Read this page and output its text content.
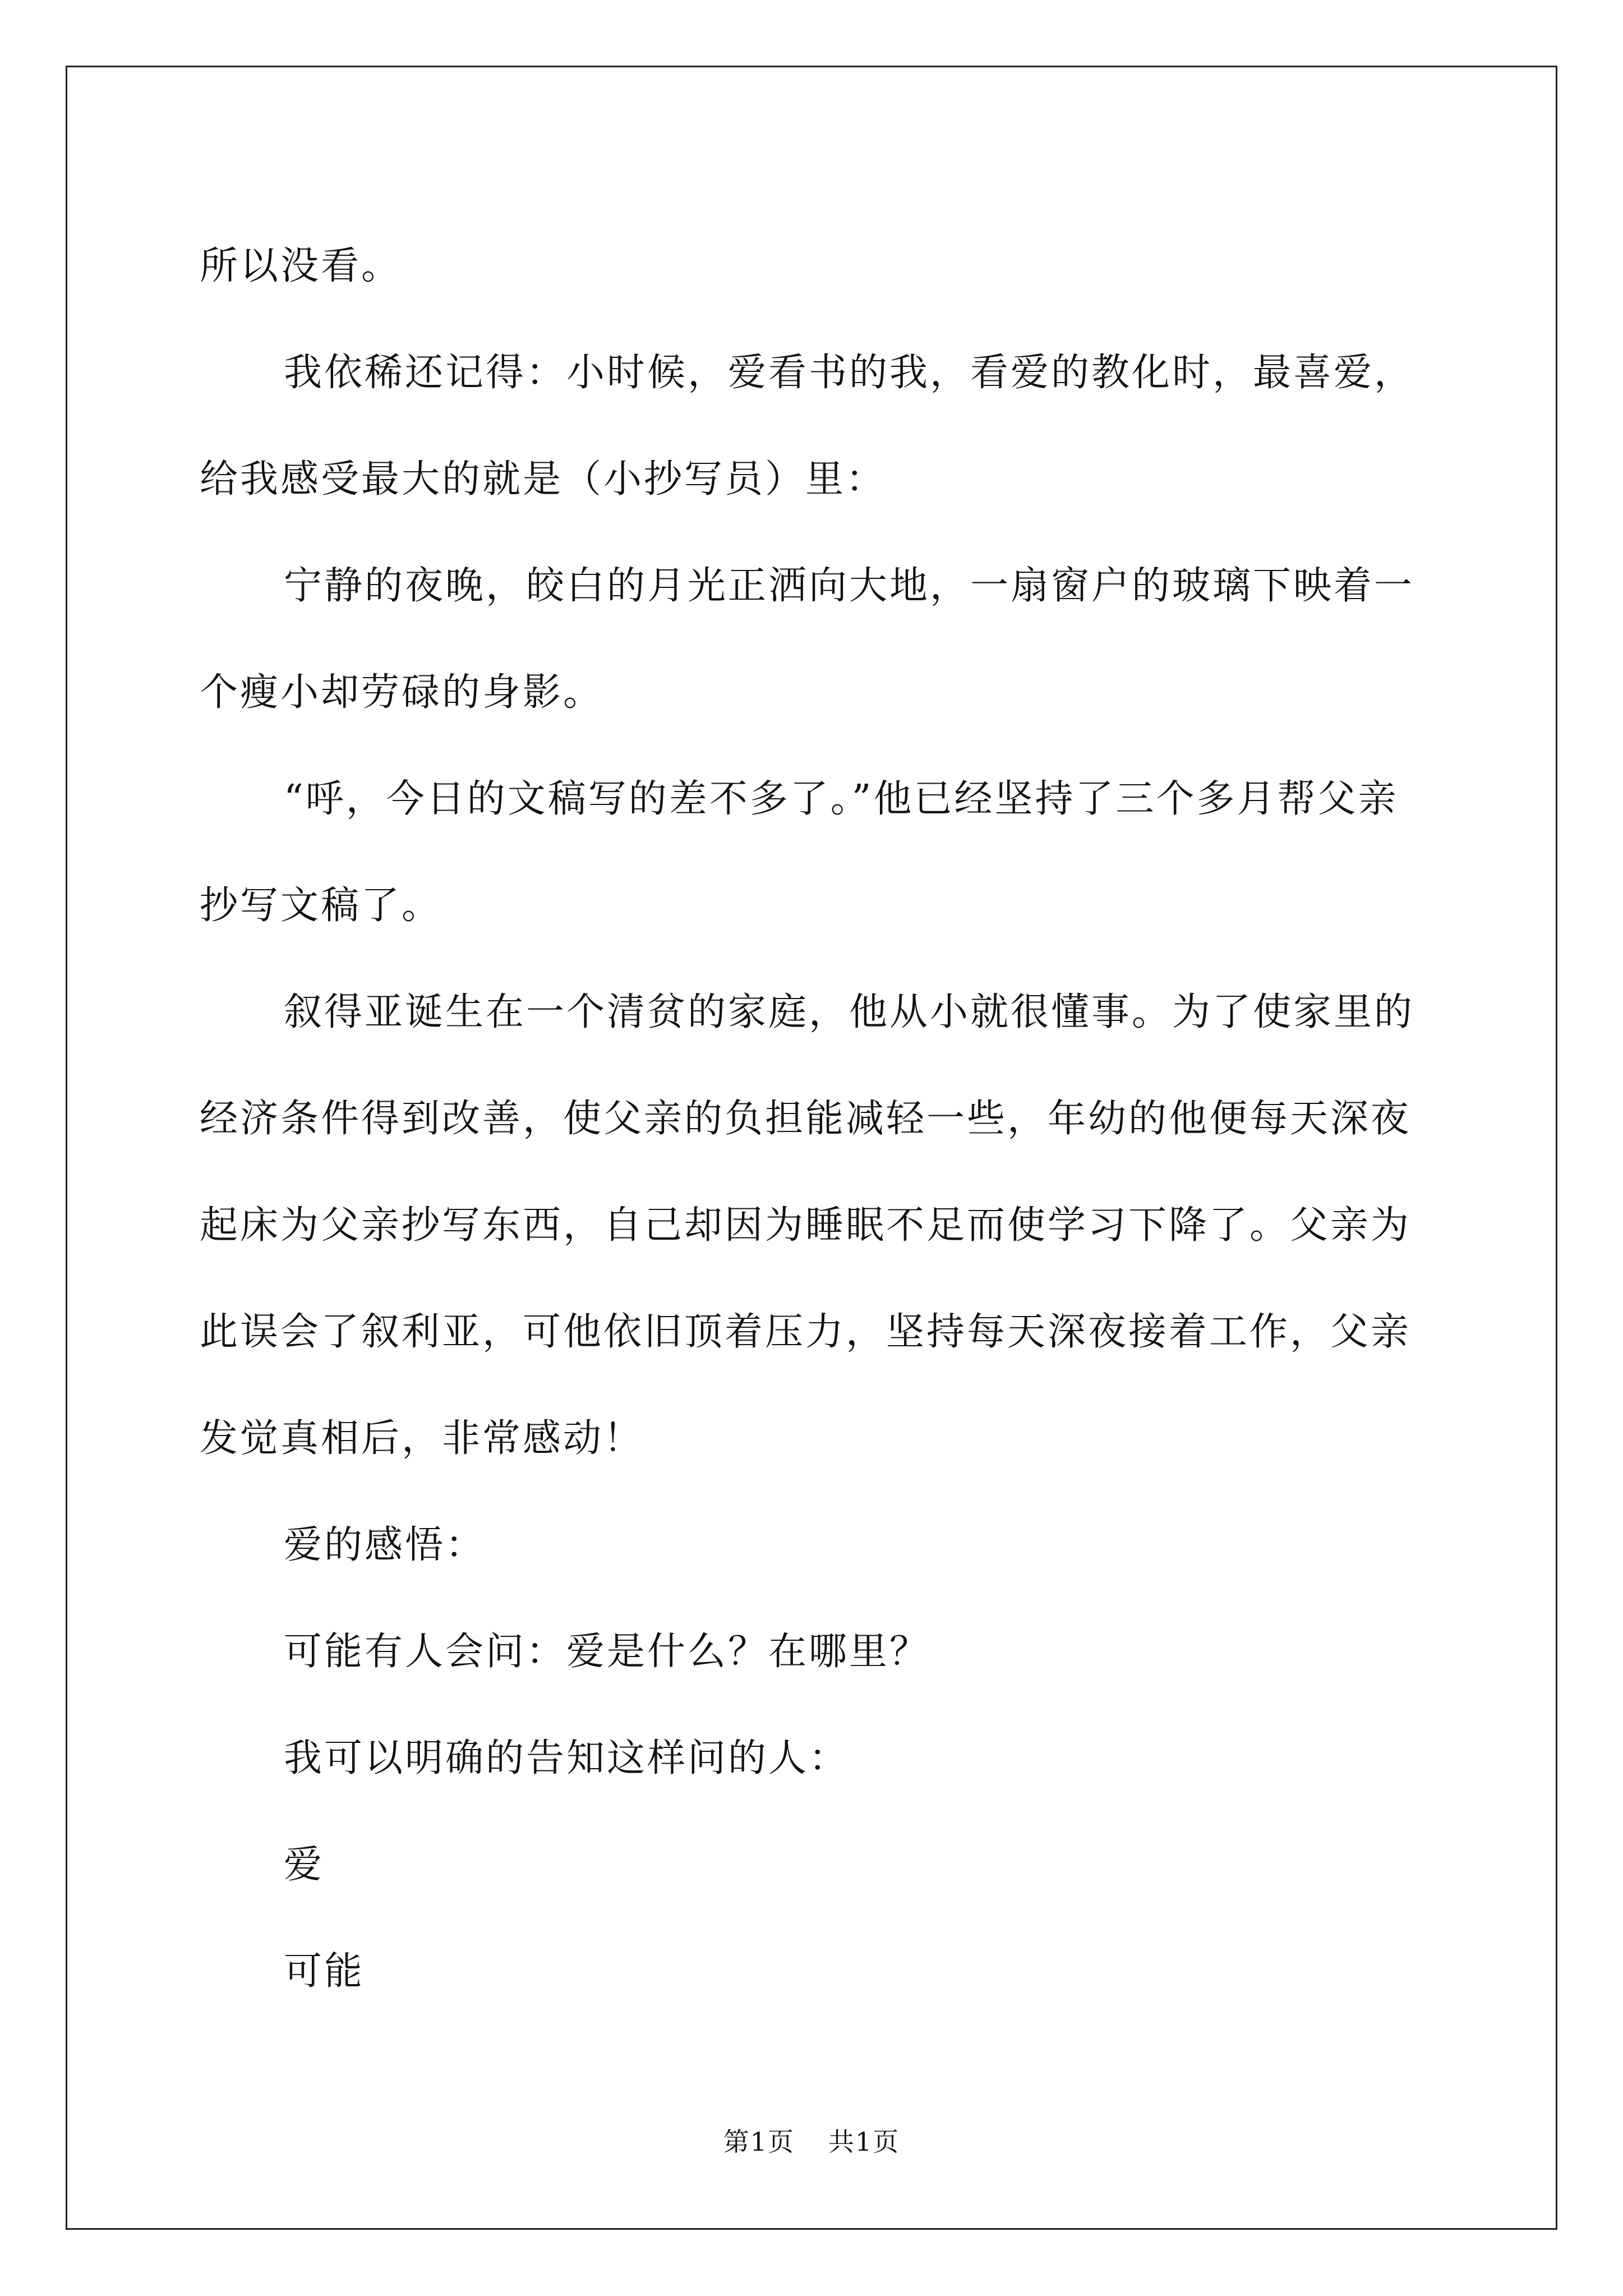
所以没看。

我依稀还记得：小时候，爱看书的我，看爱的教化时，最喜爱，给我感受最大的就是（小抄写员）里：

宁静的夜晚，皎白的月光正洒向大地，一扇窗户的玻璃下映着一个瘦小却劳碌的身影。

“呼，今日的文稿写的差不多了。”他已经坚持了三个多月帮父亲抄写文稿了。

叙得亚诞生在一个清贫的家庭，他从小就很懂事。为了使家里的经济条件得到改善，使父亲的负担能减轻一些，年幼的他便每天深夜起床为父亲抄写东西，自己却因为睡眠不足而使学习下降了。父亲为此误会了叙利亚，可他依旧顶着压力，坚持每天深夜接着工作，父亲发觉真相后，非常感动！

爱的感悟：

可能有人会问：爱是什么？在哪里？

我可以明确的告知这样问的人：

爱

可能

第1页 共1页
